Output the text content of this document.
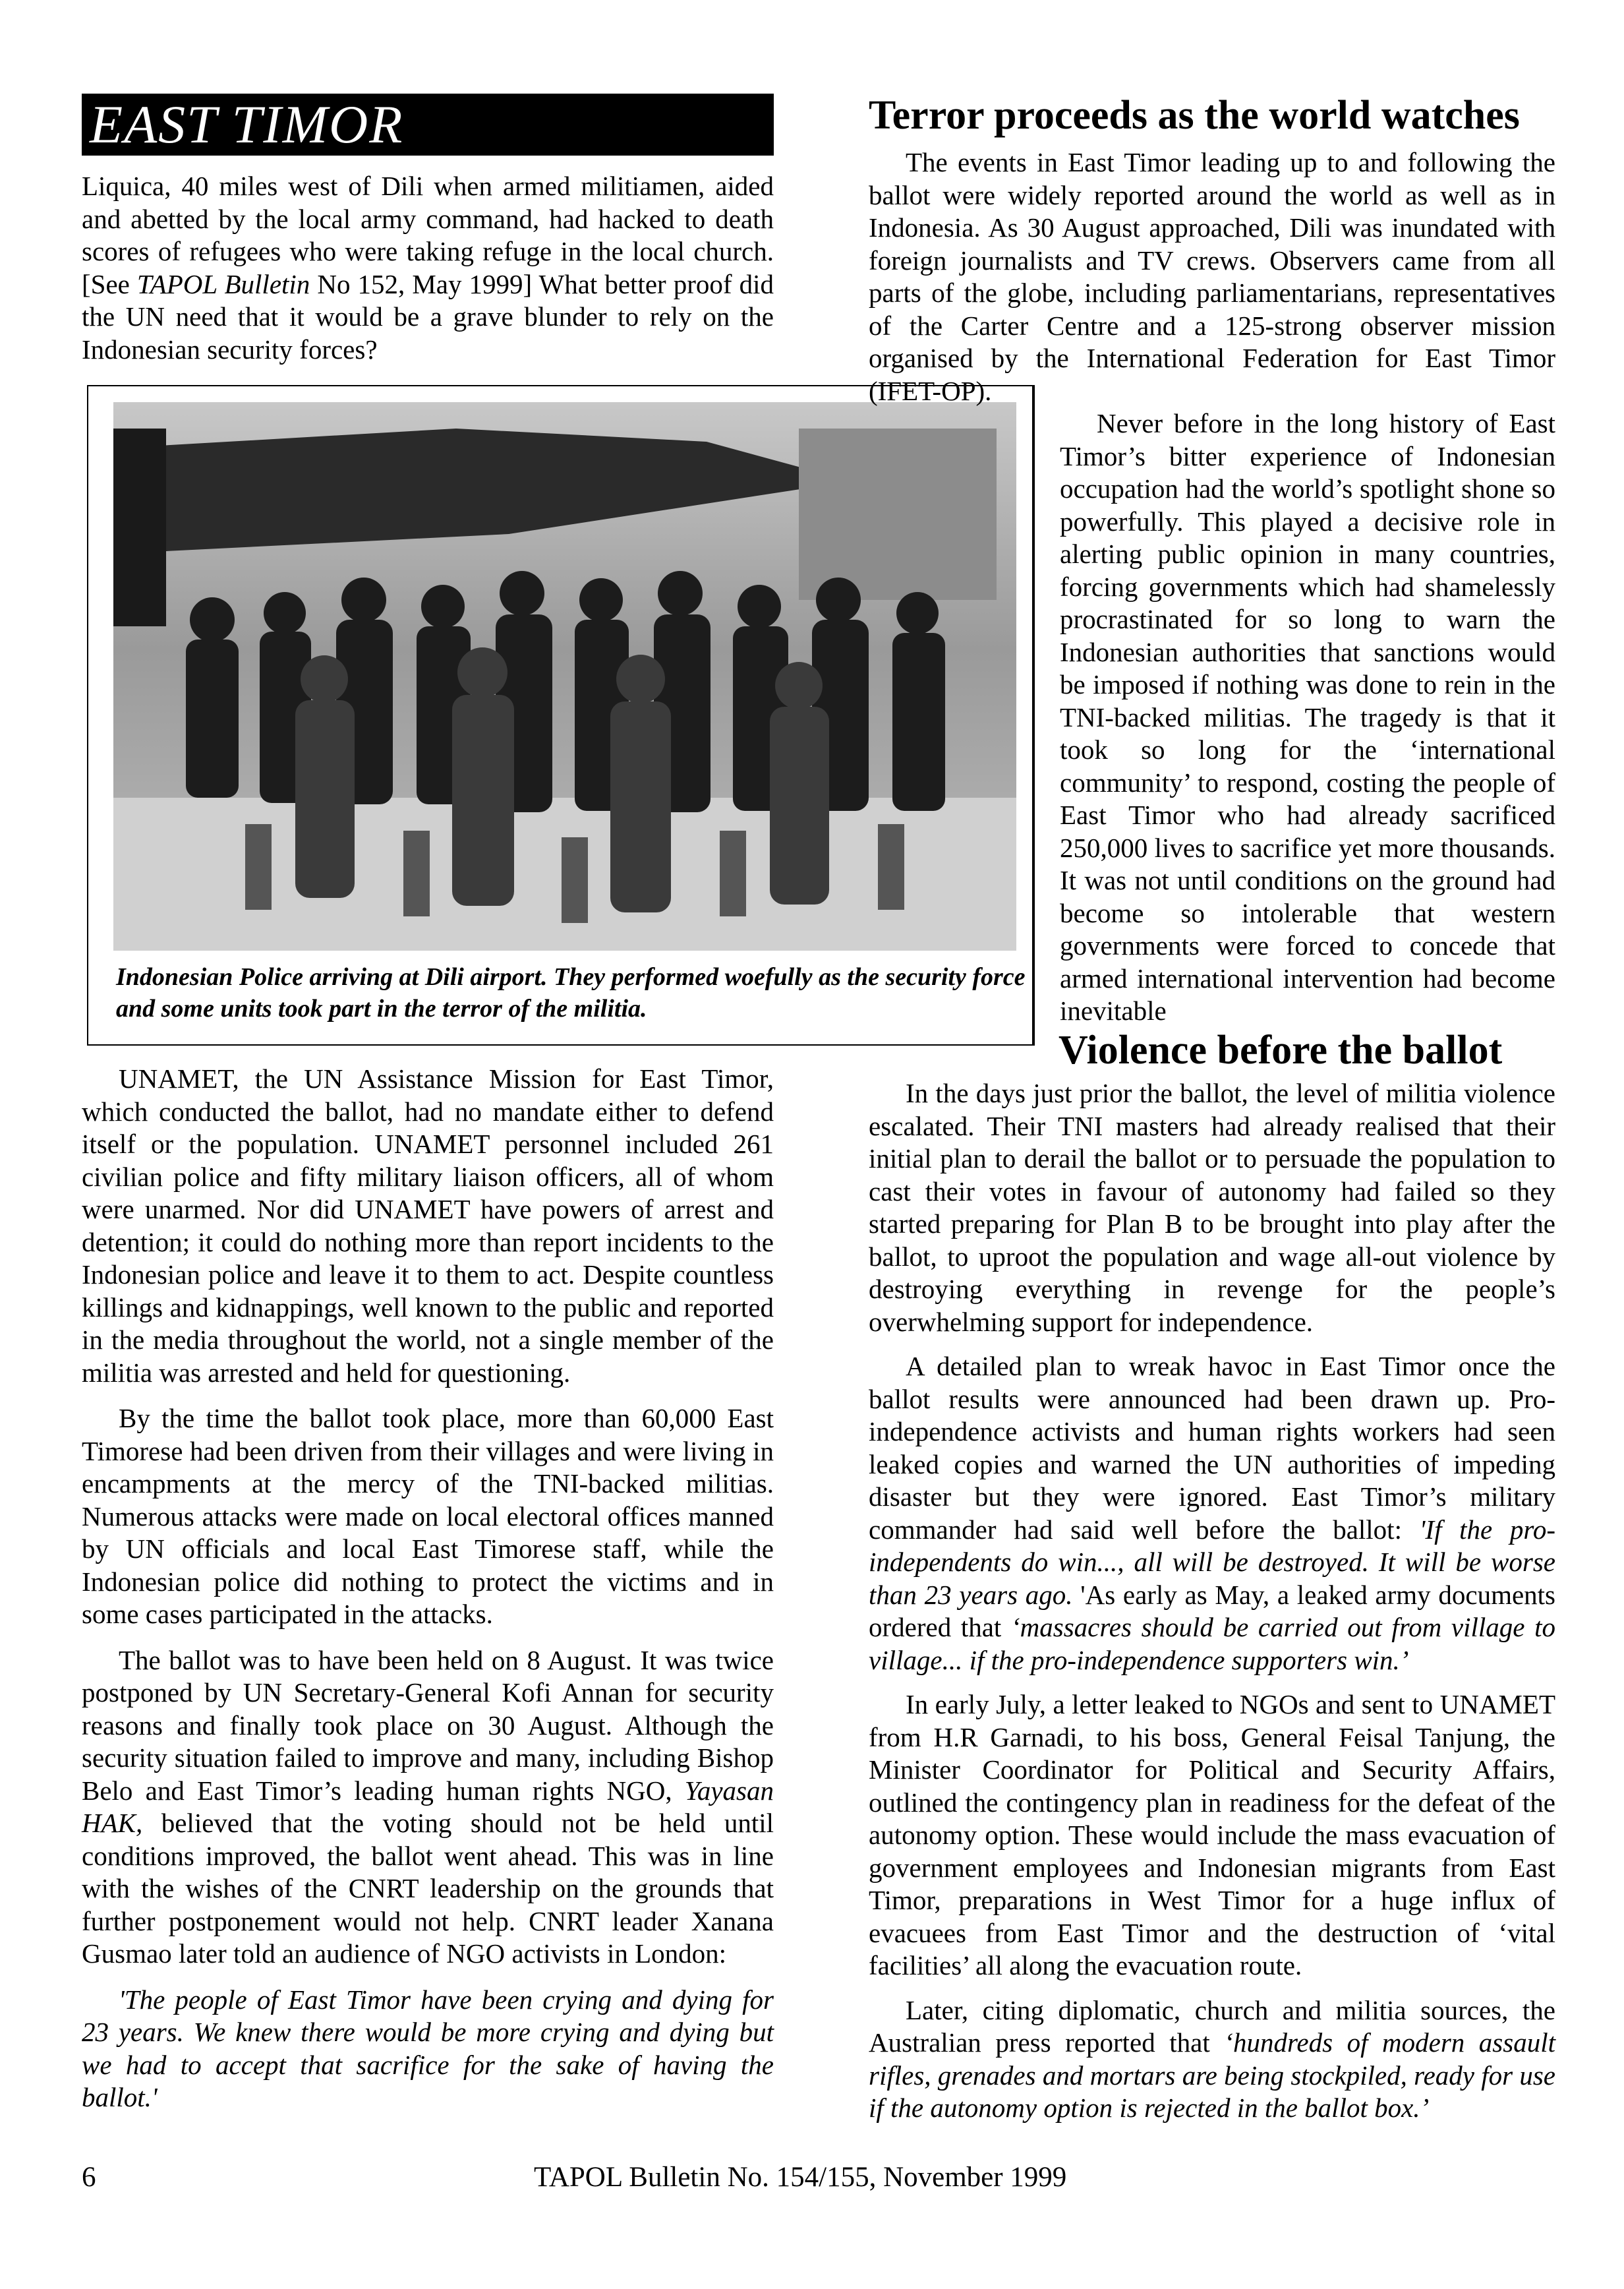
EAST TIMOR
Liquica, 40 miles west of Dili when armed militiamen, aided and abetted by the local army command, had hacked to death scores of refugees who were taking refuge in the local church. [See TAPOL Bulletin No 152, May 1999] What better proof did the UN need that it would be a grave blunder to rely on the Indonesian security forces?
Indonesian Police arriving at Dili airport. They performed woefully as the security force and some units took part in the terror of the militia.

UNAMET, the UN Assistance Mission for East Timor, which conducted the ballot, had no mandate either to defend itself or the population. UNAMET personnel included 261 civilian police and fifty military liaison officers, all of whom were unarmed. Nor did UNAMET have powers of arrest and detention; it could do nothing more than report incidents to the Indonesian police and leave it to them to act. Despite countless killings and kidnappings, well known to the public and reported in the media throughout the world, not a single member of the militia was arrested and held for questioning.

By the time the ballot took place, more than 60,000 East Timorese had been driven from their villages and were living in encampments at the mercy of the TNI-backed militias. Numerous attacks were made on local electoral offices manned by UN officials and local East Timorese staff, while the Indonesian police did nothing to protect the victims and in some cases participated in the attacks.

The ballot was to have been held on 8 August. It was twice postponed by UN Secretary-General Kofi Annan for security reasons and finally took place on 30 August. Although the security situation failed to improve and many, including Bishop Belo and East Timor’s leading human rights NGO, Yayasan HAK, believed that the voting should not be held until conditions improved, the ballot went ahead. This was in line with the wishes of the CNRT leadership on the grounds that further postponement would not help. CNRT leader Xanana Gusmao later told an audience of NGO activists in London:

'The people of East Timor have been crying and dying for 23 years. We knew there would be more crying and dying but we had to accept that sacrifice for the sake of having the ballot.'

Terror proceeds as the world watches

The events in East Timor leading up to and following the ballot were widely reported around the world as well as in Indonesia. As 30 August approached, Dili was inundated with foreign journalists and TV crews. Observers came from all parts of the globe, including parliamentarians, representatives of the Carter Centre and a 125-strong observer mission organised by the International Federation for East Timor (IFET-OP).

Never before in the long history of East Timor’s bitter experience of Indonesian occupation had the world’s spotlight shone so powerfully. This played a decisive role in alerting public opinion in many countries, forcing governments which had shamelessly procrastinated for so long to warn the Indonesian authorities that sanctions would be imposed if nothing was done to rein in the TNI-backed militias. The tragedy is that it took so long for the ‘international community’ to respond, costing the people of East Timor who had already sacrificed 250,000 lives to sacrifice yet more thousands. It was not until conditions on the ground had become so intolerable that western governments were forced to concede that armed international intervention had become inevitable

Violence before the ballot

In the days just prior the ballot, the level of militia violence escalated. Their TNI masters had already realised that their initial plan to derail the ballot or to persuade the population to cast their votes in favour of autonomy had failed so they started preparing for Plan B to be brought into play after the ballot, to uproot the population and wage all-out violence by destroying everything in revenge for the people’s overwhelming support for independence.

A detailed plan to wreak havoc in East Timor once the ballot results were announced had been drawn up. Pro-independence activists and human rights workers had seen leaked copies and warned the UN authorities of impeding disaster but they were ignored. East Timor’s military commander had said well before the ballot: 'If the pro-independents do win..., all will be destroyed. It will be worse than 23 years ago. 'As early as May, a leaked army documents ordered that ‘massacres should be carried out from village to village... if the pro-independence supporters win.’

In early July, a letter leaked to NGOs and sent to UNAMET from H.R Garnadi, to his boss, General Feisal Tanjung, the Minister Coordinator for Political and Security Affairs, outlined the contingency plan in readiness for the defeat of the autonomy option. These would include the mass evacuation of government employees and Indonesian migrants from East Timor, preparations in West Timor for a huge influx of evacuees from East Timor and the destruction of ‘vital facilities’ all along the evacuation route.

Later, citing diplomatic, church and militia sources, the Australian press reported that ‘hundreds of modern assault rifles, grenades and mortars are being stockpiled, ready for use if the autonomy option is rejected in the ballot box.’

6	TAPOL Bulletin No. 154/155, November 1999
